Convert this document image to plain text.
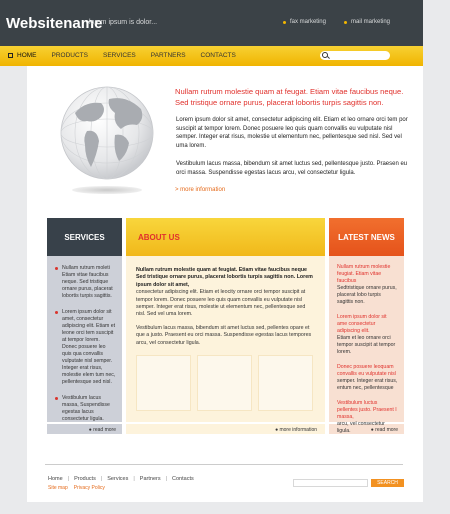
Websitename
lorem ipsum is dolor...	fax marketing	mail marketing
HOME PRODUCTS SERVICES PARTNERS CONTACTS
Nullam rutrum molestie quam at feugat. Etiam vitae faucibus neque. Sed tristique ornare purus, placerat lobortis turpis sagittis non.
Lorem ipsum dolor sit amet, consectetur adipiscing elit. Etiam et leo ornare orci tem por suscipit at tempor lorem. Donec posuere leo quis quam convallis eu vulputate nisl semper. Integer erat risus, molestie ut elementum nec, pellentesque sed nisl. Sed vel uma lorem.
Vestibulum lacus massa, bibendum sit amet luctus sed, pellentesque justo. Praesen eu orci massa. Suspendisse egestas lacus arcu, vel consectetur ligula.
> more information
SERVICES
Nullam rutrum moleti Etiam vitae faucibus neque. Sed tristique ornare purus, placerat lobortis turpis sagittis.
Lorem ipsum dolor sit amet, consectetur adipiscing elit. Etiam et leone orci tem suscipit at tempor lorem. Donec posuere leo quis qua convallis vulputate nisl semper. Integer erat risus, molestie elem tum nec, pellentesque sed nisl.
Vestibulum lacus massa, Suspendisse egestas lacus consectetur ligula.
● read more
ABOUT US
Nullam rutrum molestie quam at feugiat. Etiam vitae faucibus neque Sed tristique ornare purus, placerat lobortis turpis sagittis non. Lorem ipsum dolor sit amet,
consectetur adipiscing elit. Etiam et leocity ornare orci tempor suscipit at tempor lorem. Donec posuere leo quis quam convallis eu vulputate nisl semper. Integer erat risus, molestie ut elementum nec, pellentesque sed nisl. Sed vel uma lorem.
Vestibulum lacus massa, bibendum sit amet luctus sed, pellentes opare et que a justo. Praesent eu orci massa. Suspendisse egestas lacus tempores arcu, vel consectetur ligula.
● more information
LATEST NEWS
Nullam rutrum molestie feugiat. Etiam vitae faucibus
Sedtristique ornare purus, placerat lobo turpis sagittis non.
Lorem ipsum dolor sit ame consectetur adipiscing elit.
Etiam et leo ornare orci tempor suscipit at tempor lorem.
Donec posuere leoquam convallis eu vulputate nisl
semper. Integer erat risus, entum nec, pellentesque
Vestibulum luctus pellentes justo. Praesent I massa,
arcu, vel consectetur ligula.	● read more
Home | Products | Services | Partners | Contacts
Site map Privacy Policy
SEARCH
